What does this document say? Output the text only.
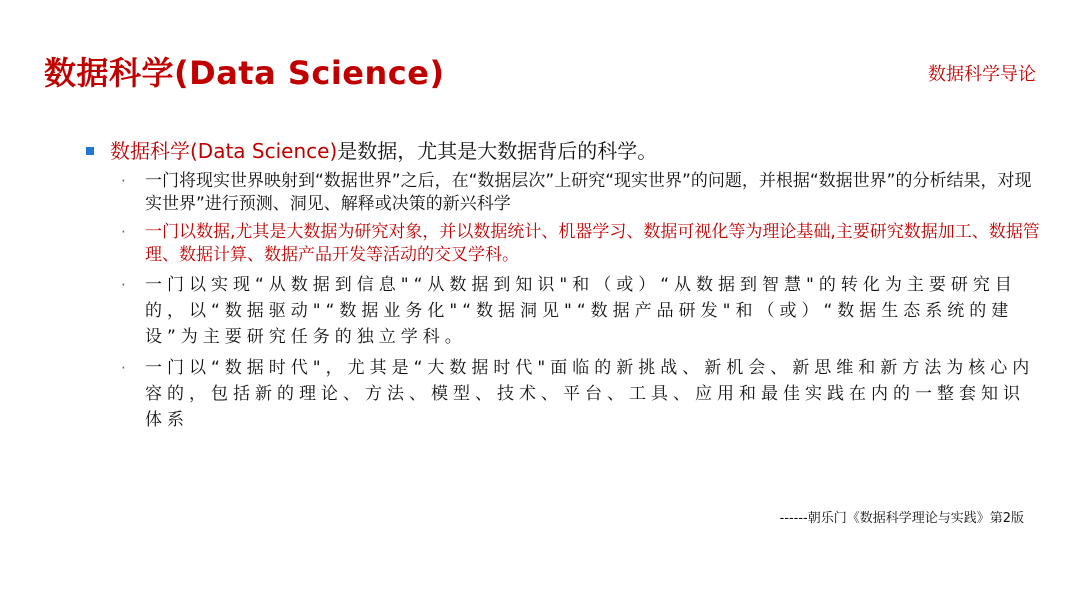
数据科学(Data Science)	数据科学导论
数据科学(Data Science)是数据，尤其是大数据背后的科学。
· 一门将现实世界映射到“数据世界”之后，在“数据层次”上研究“现实世界”的问题，并根据“数据世界”的分析结果，对现实世界”进行预测、洞见、解释或决策的新兴科学
· 一门以数据,尤其是大数据为研究对象，并以数据统计、机器学习、数据可视化等为理论基础,主要研究数据加工、数据管理、数据计算、数据产品开发等活动的交叉学科。
· 一门以实现“从数据到信息"“从数据到知识"和（或）“从数据到智慧"的转化为主要研究目的，以“数据驱动"“数据业务化"“数据洞见"“数据产品研发"和（或）“数据生态系统的建设”为主要研究任务的独立学科。
· 一门以“数据时代"，尤其是“大数据时代"面临的新挑战、新机会、新思维和新方法为核心内容的，包括新的理论、方法、模型、技术、平台、工具、应用和最佳实践在内的一整套知识体系
------朝乐门《数据科学理论与实践》第2版
